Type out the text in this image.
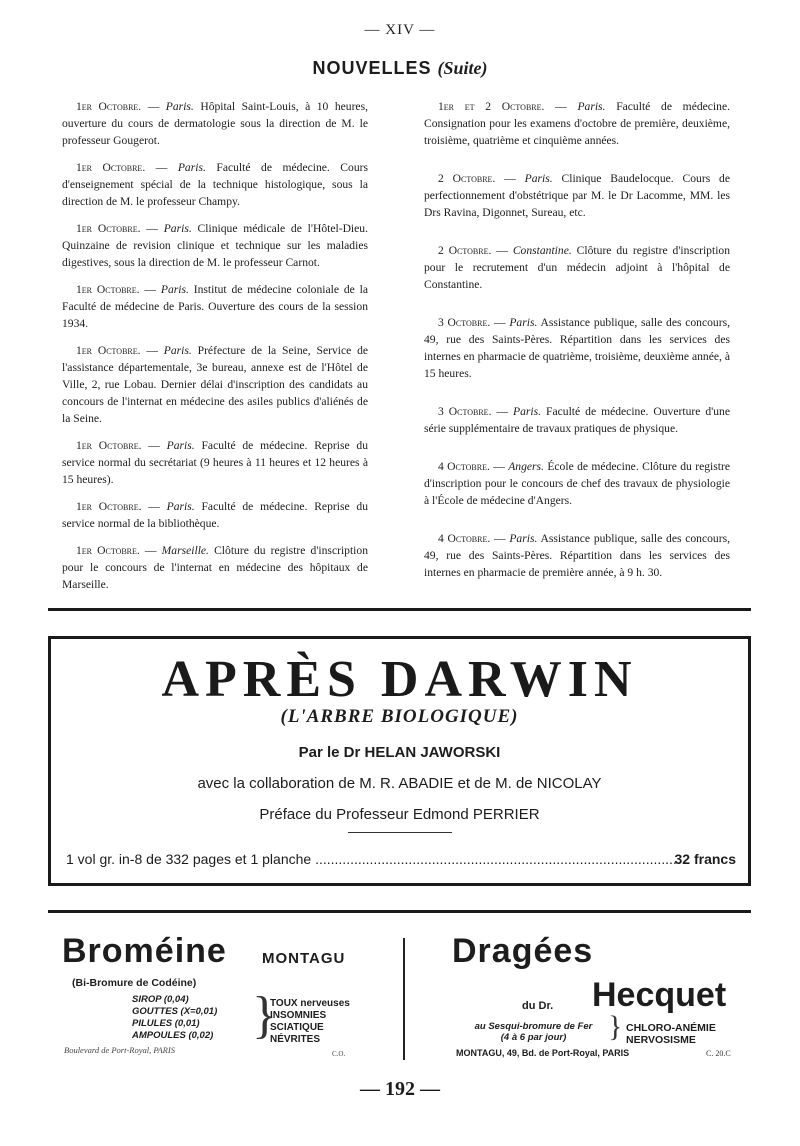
— XIV —
NOUVELLES (Suite)

1er Octobre. — Paris. Hôpital Saint-Louis, à 10 heures, ouverture du cours de dermatologie sous la direction de M. le professeur Gougerot.

1er Octobre. — Paris. Faculté de médecine. Cours d'enseignement spécial de la technique histologique, sous la direction de M. le professeur Champy.

1er Octobre. — Paris. Clinique médicale de l'Hôtel-Dieu. Quinzaine de revision clinique et technique sur les maladies digestives, sous la direction de M. le professeur Carnot.

1er Octobre. — Paris. Institut de médecine coloniale de la Faculté de médecine de Paris. Ouverture des cours de la session 1934.

1er Octobre. — Paris. Préfecture de la Seine, Service de l'assistance départementale, 3e bureau, annexe est de l'Hôtel de Ville, 2, rue Lobau. Dernier délai d'inscription des candidats au concours de l'internat en médecine des asiles publics d'aliénés de la Seine.

1er Octobre. — Paris. Faculté de médecine. Reprise du service normal du secrétariat (9 heures à 11 heures et 12 heures à 15 heures).

1er Octobre. — Paris. Faculté de médecine. Reprise du service normal de la bibliothèque.

1er Octobre. — Marseille. Clôture du registre d'inscription pour le concours de l'internat en médecine des hôpitaux de Marseille.

1er et 2 Octobre. — Paris. Faculté de médecine. Consignation pour les examens d'octobre de première, deuxième, troisième, quatrième et cinquième années.

2 Octobre. — Paris. Clinique Baudelocque. Cours de perfectionnement d'obstétrique par M. le Dr Lacomme, MM. les Drs Ravina, Digonnet, Sureau, etc.

2 Octobre. — Constantine. Clôture du registre d'inscription pour le recrutement d'un médecin adjoint à l'hôpital de Constantine.

3 Octobre. — Paris. Assistance publique, salle des concours, 49, rue des Saints-Pères. Répartition dans les services des internes en pharmacie de quatrième, troisième, deuxième année, à 15 heures.

3 Octobre. — Paris. Faculté de médecine. Ouverture d'une série supplémentaire de travaux pratiques de physique.

4 Octobre. — Angers. École de médecine. Clôture du registre d'inscription pour le concours de chef des travaux de physiologie à l'École de médecine d'Angers.

4 Octobre. — Paris. Assistance publique, salle des concours, 49, rue des Saints-Pères. Répartition dans les services des internes en pharmacie de première année, à 9 h. 30.

APRÈS DARWIN
(L'ARBRE BIOLOGIQUE)
Par le Dr HELAN JAWORSKI
avec la collaboration de M. R. ABADIE et de M. de NICOLAY
Préface du Professeur Edmond PERRIER
1 vol gr. in-8 de 332 pages et 1 planche ..............................................................................................
32 francs
Broméine MONTAGU
(Bi-Bromure de Codéine)
SIROP (0,04)
GOUTTES (X=0,01)
PILULES (0,01)
AMPOULES (0,02) }
TOUX nerveuses
INSOMNIES
SCIATIQUE
NÉVRITES
Boulevard de Port-Royal, PARIS	C.O.
Dragées
du Dr. Hecquet
au Sesqui-bromure de Fer
(4 à 6 par jour)	} CHLORO-ANÉMIE
NERVOSISME
MONTAGU, 49, Bd. de Port-Royal, PARIS	C. 20.C
— 192 —
